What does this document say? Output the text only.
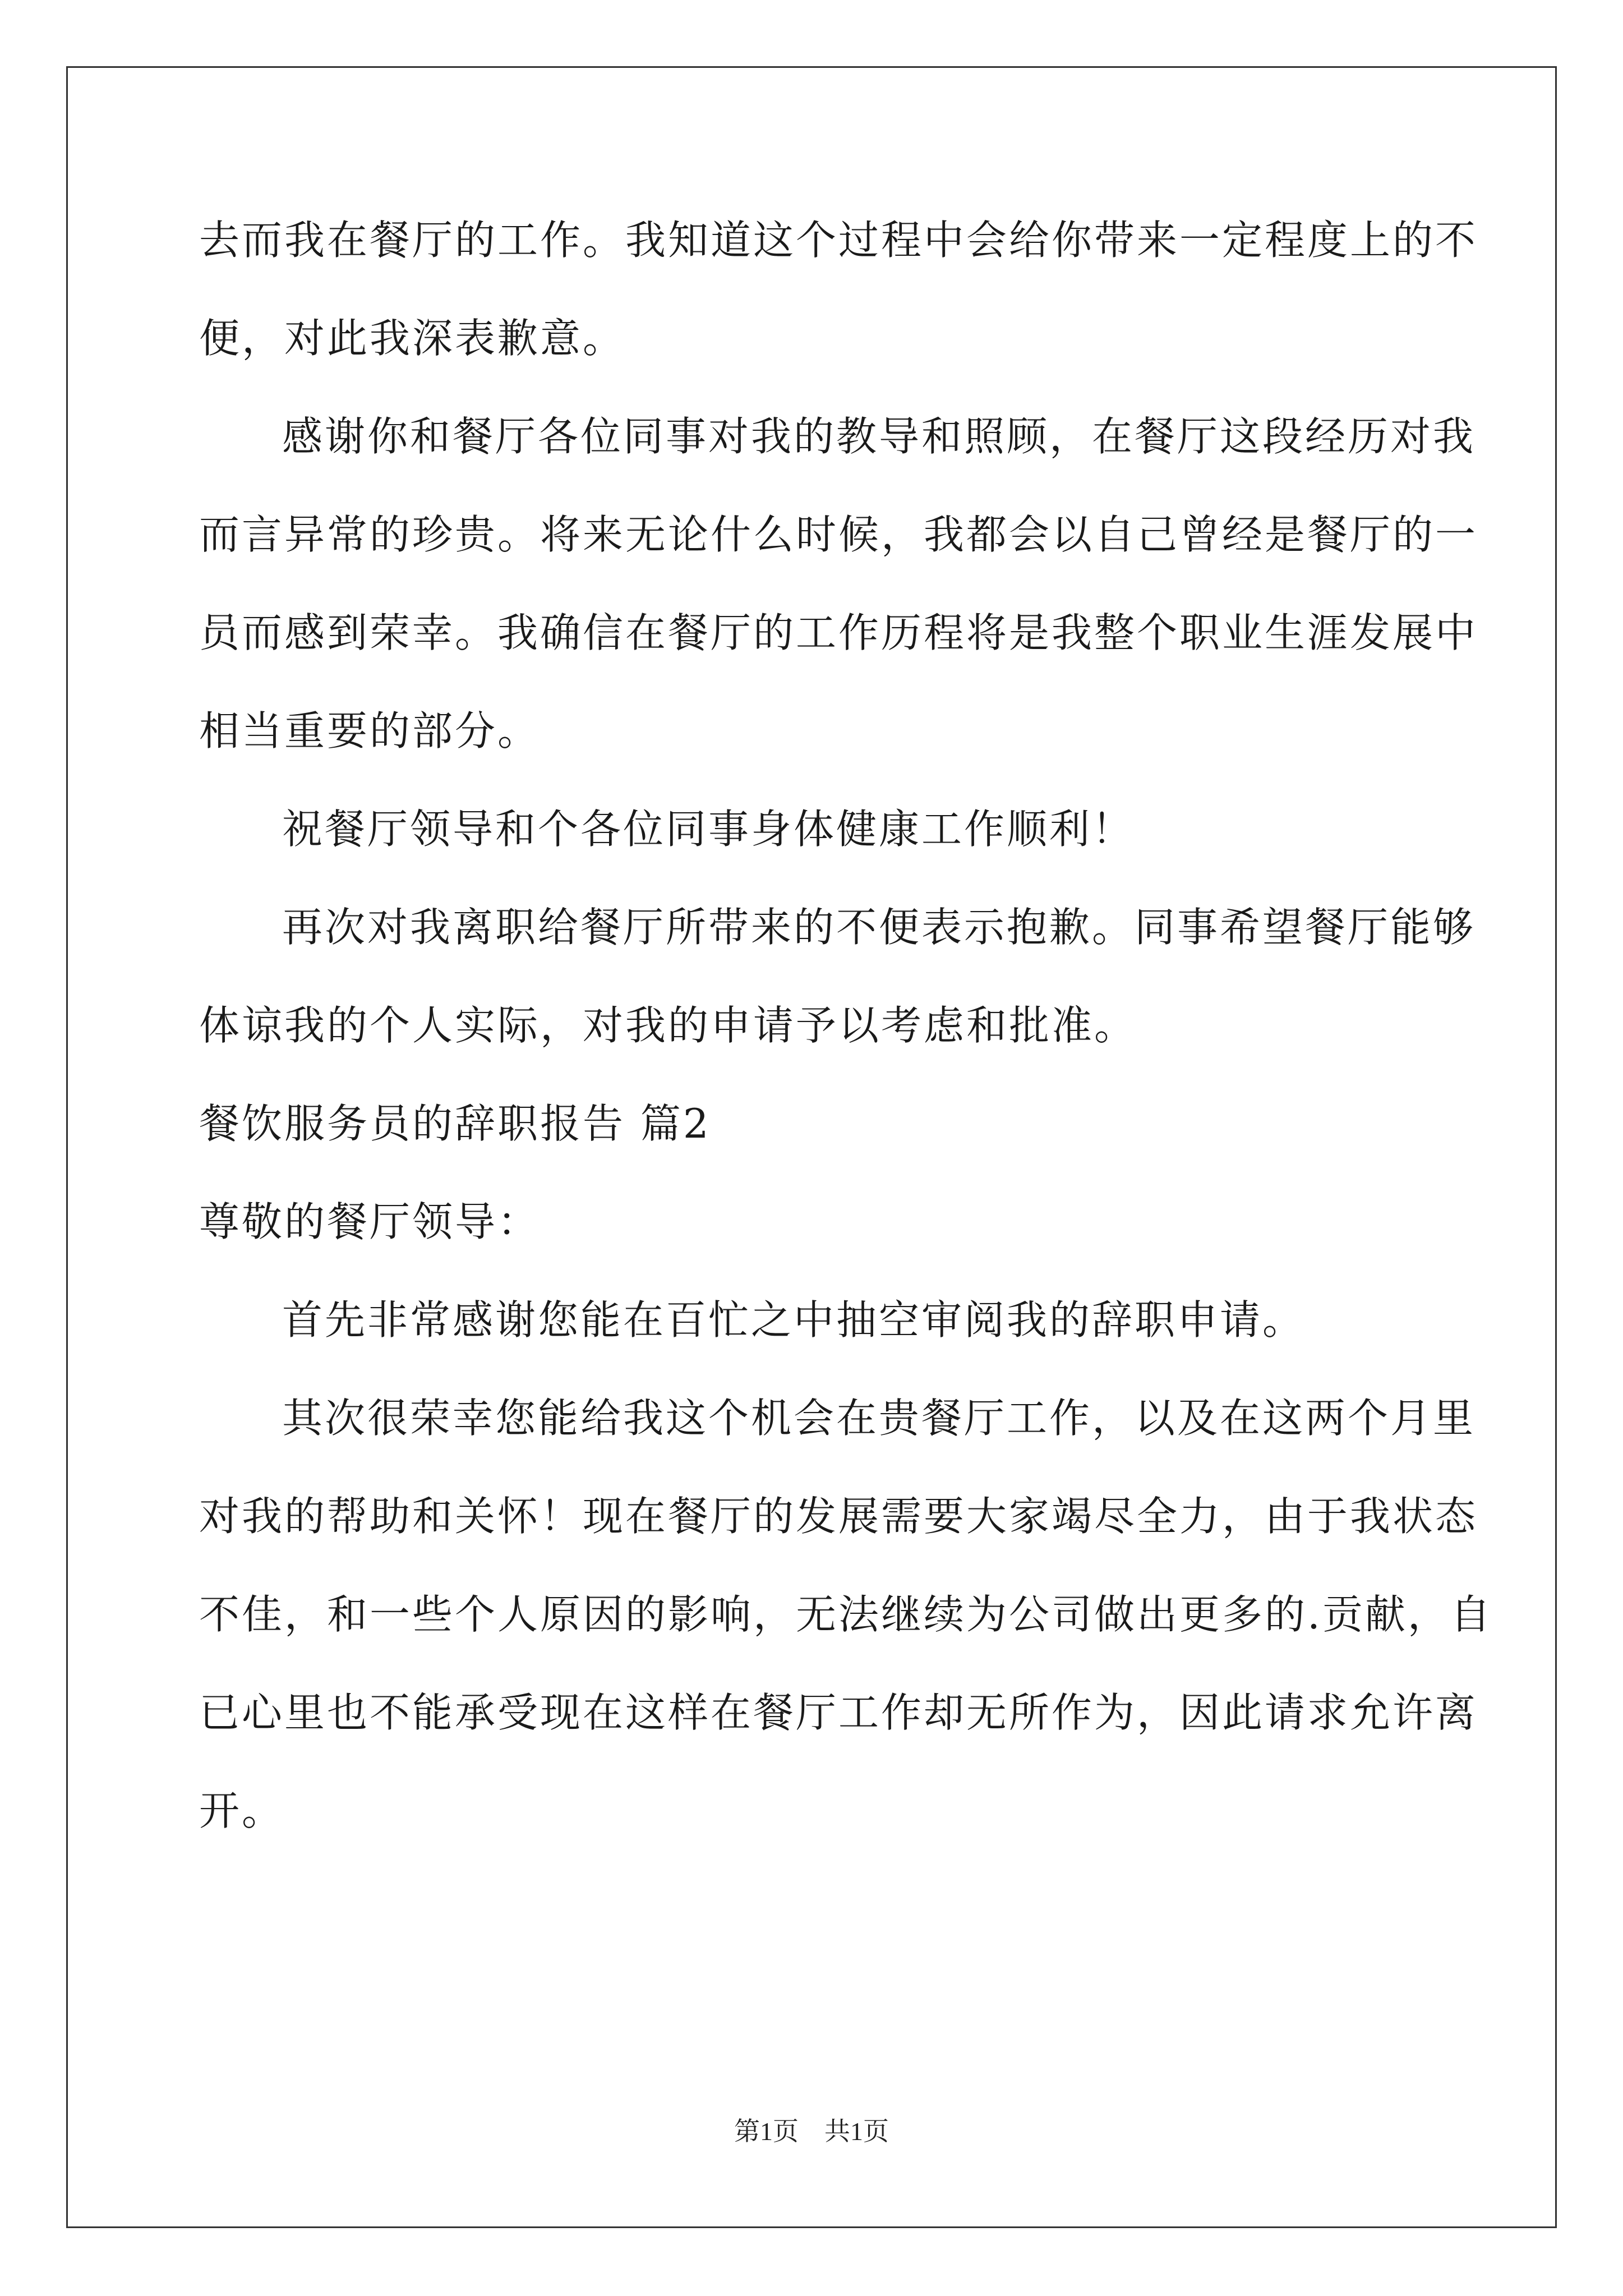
去而我在餐厅的工作。我知道这个过程中会给你带来一定程度上的不
便，对此我深表歉意。
感谢你和餐厅各位同事对我的教导和照顾，在餐厅这段经历对我
而言异常的珍贵。将来无论什么时候，我都会以自己曾经是餐厅的一
员而感到荣幸。我确信在餐厅的工作历程将是我整个职业生涯发展中
相当重要的部分。
祝餐厅领导和个各位同事身体健康工作顺利！
再次对我离职给餐厅所带来的不便表示抱歉。同事希望餐厅能够
体谅我的个人实际，对我的申请予以考虑和批准。
餐饮服务员的辞职报告 篇2
尊敬的餐厅领导：
首先非常感谢您能在百忙之中抽空审阅我的辞职申请。
其次很荣幸您能给我这个机会在贵餐厅工作，以及在这两个月里
对我的帮助和关怀！现在餐厅的发展需要大家竭尽全力，由于我状态
不佳，和一些个人原因的影响，无法继续为公司做出更多的.贡献，自
已心里也不能承受现在这样在餐厅工作却无所作为，因此请求允许离
开。
第1页　共1页
